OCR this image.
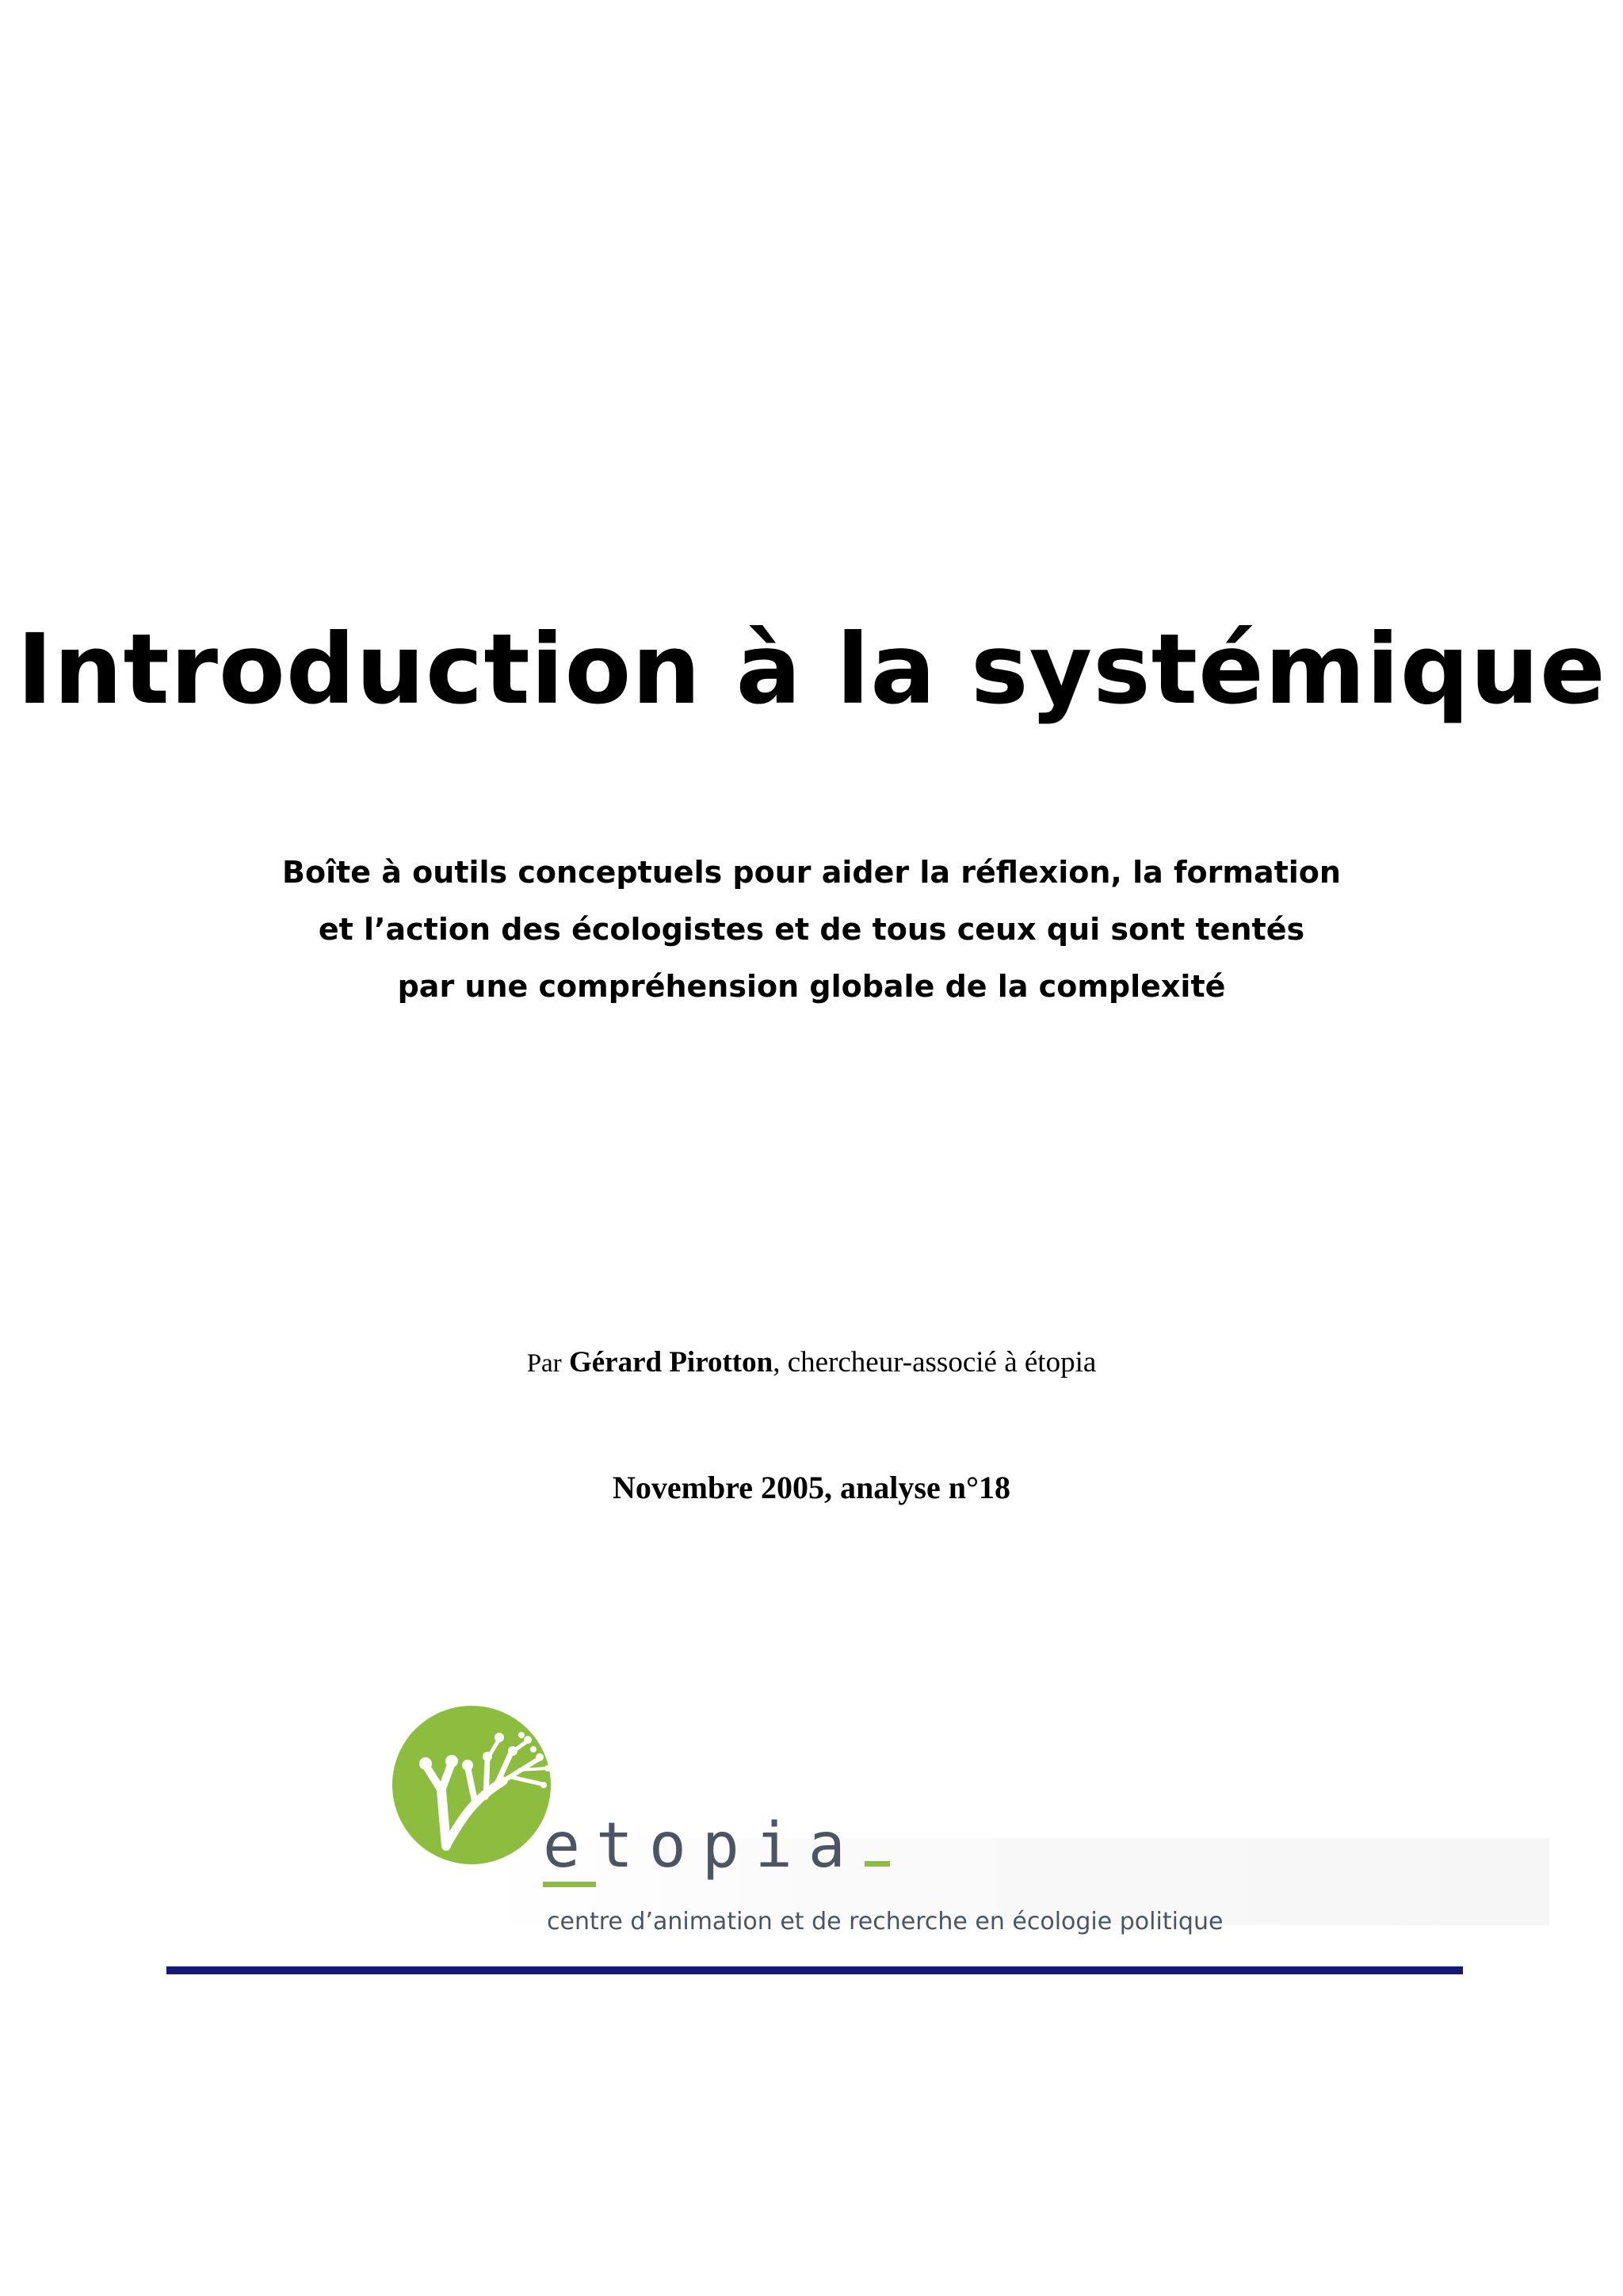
Introduction à la systémique
Boîte à outils conceptuels pour aider la réflexion, la formation
et l’action des écologistes et de tous ceux qui sont tentés
par une compréhension globale de la complexité
Par Gérard Pirotton, chercheur-associé à étopia
Novembre 2005, analyse n°18
etopia
centre d’animation et de recherche en écologie politique
